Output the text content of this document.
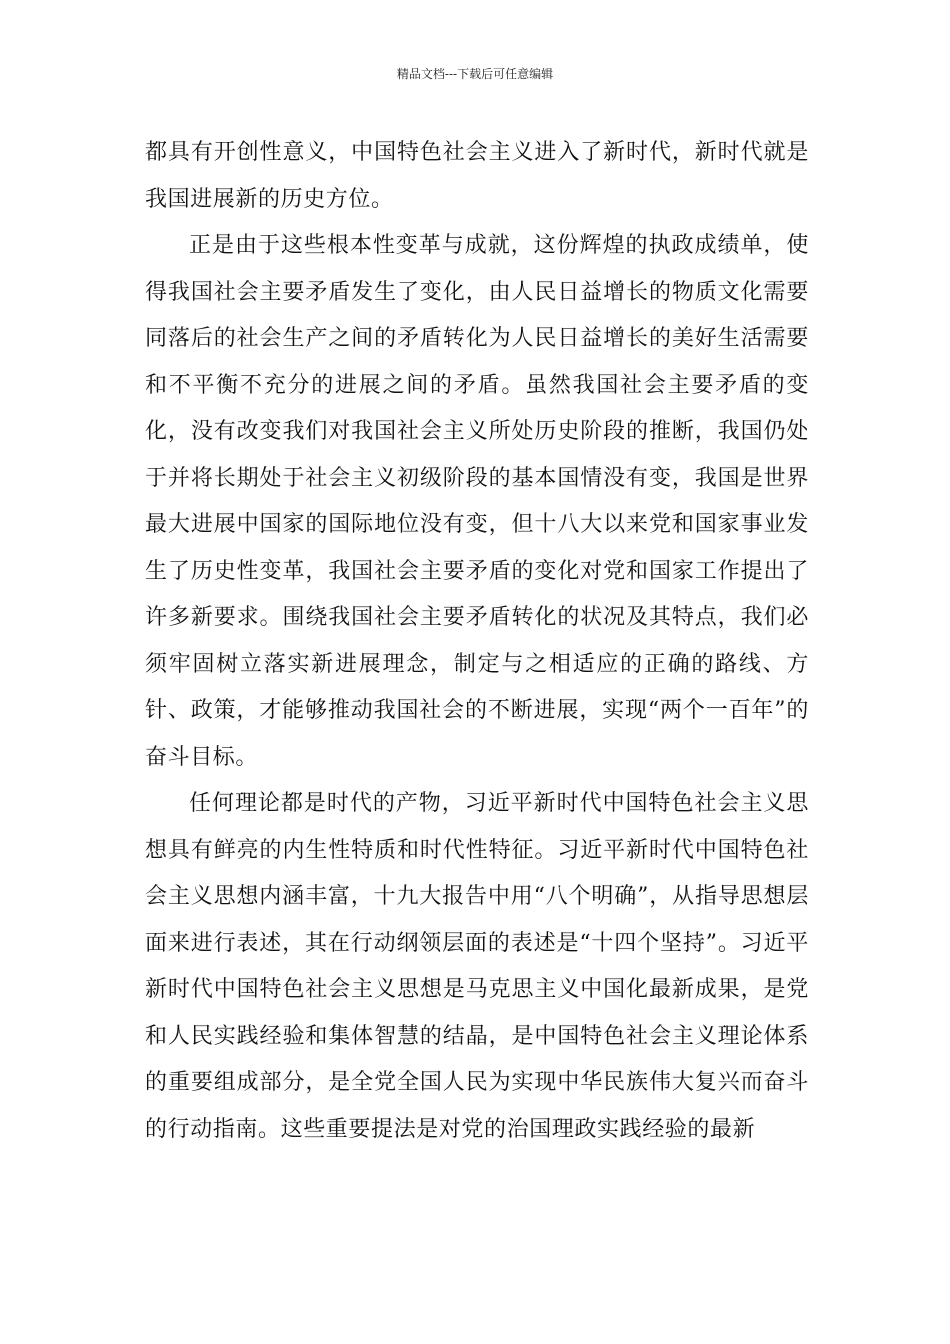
精品文档---下载后可任意编辑

都具有开创性意义，中国特色社会主义进入了新时代，新时代就是我国进展新的历史方位。

正是由于这些根本性变革与成就，这份辉煌的执政成绩单，使得我国社会主要矛盾发生了变化，由人民日益增长的物质文化需要同落后的社会生产之间的矛盾转化为人民日益增长的美好生活需要和不平衡不充分的进展之间的矛盾。虽然我国社会主要矛盾的变化，没有改变我们对我国社会主义所处历史阶段的推断，我国仍处于并将长期处于社会主义初级阶段的基本国情没有变，我国是世界最大进展中国家的国际地位没有变，但十八大以来党和国家事业发生了历史性变革，我国社会主要矛盾的变化对党和国家工作提出了许多新要求。围绕我国社会主要矛盾转化的状况及其特点，我们必须牢固树立落实新进展理念，制定与之相适应的正确的路线、方针、政策，才能够推动我国社会的不断进展，实现“两个一百年”的奋斗目标。

任何理论都是时代的产物，习近平新时代中国特色社会主义思想具有鲜亮的内生性特质和时代性特征。习近平新时代中国特色社会主义思想内涵丰富，十九大报告中用“八个明确”，从指导思想层面来进行表述，其在行动纲领层面的表述是“十四个坚持”。习近平新时代中国特色社会主义思想是马克思主义中国化最新成果，是党和人民实践经验和集体智慧的结晶，是中国特色社会主义理论体系的重要组成部分，是全党全国人民为实现中华民族伟大复兴而奋斗的行动指南。这些重要提法是对党的治国理政实践经验的最新
